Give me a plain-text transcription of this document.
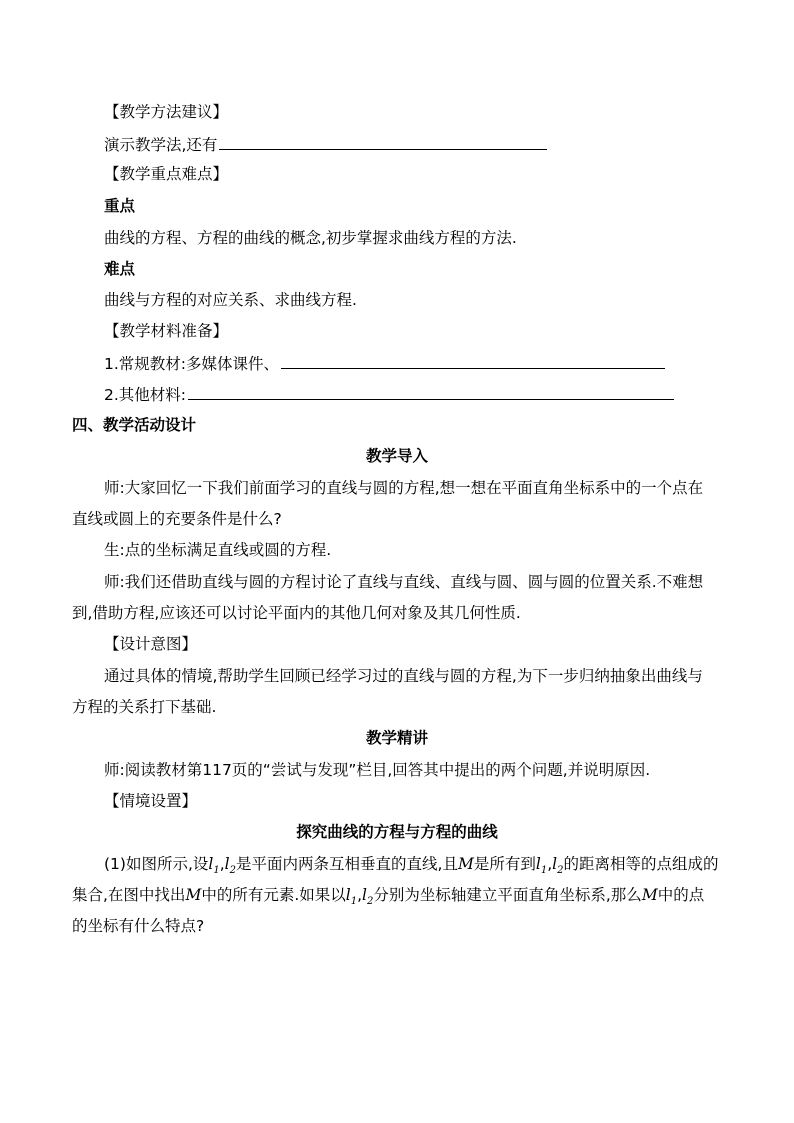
【教学方法建议】
演示教学法,还有
【教学重点难点】
重点
曲线的方程、方程的曲线的概念,初步掌握求曲线方程的方法.
难点
曲线与方程的对应关系、求曲线方程.
【教学材料准备】
1.常规教材:多媒体课件、
2.其他材料:
四、教学活动设计
教学导入
师:大家回忆一下我们前面学习的直线与圆的方程,想一想在平面直角坐标系中的一个点在
直线或圆上的充要条件是什么?
生:点的坐标满足直线或圆的方程.
师:我们还借助直线与圆的方程讨论了直线与直线、直线与圆、圆与圆的位置关系.不难想
到,借助方程,应该还可以讨论平面内的其他几何对象及其几何性质.
【设计意图】
通过具体的情境,帮助学生回顾已经学习过的直线与圆的方程,为下一步归纳抽象出曲线与
方程的关系打下基础.
教学精讲
师:阅读教材第117页的“尝试与发现”栏目,回答其中提出的两个问题,并说明原因.
【情境设置】
探究曲线的方程与方程的曲线
(1)如图所示,设$l_1,l_2$是平面内两条互相垂直的直线,且M是所有到$l_1,l_2$的距离相等的点组成的
集合,在图中找出M中的所有元素.如果以$l_1,l_2$分别为坐标轴建立平面直角坐标系,那么M中的点
的坐标有什么特点?
